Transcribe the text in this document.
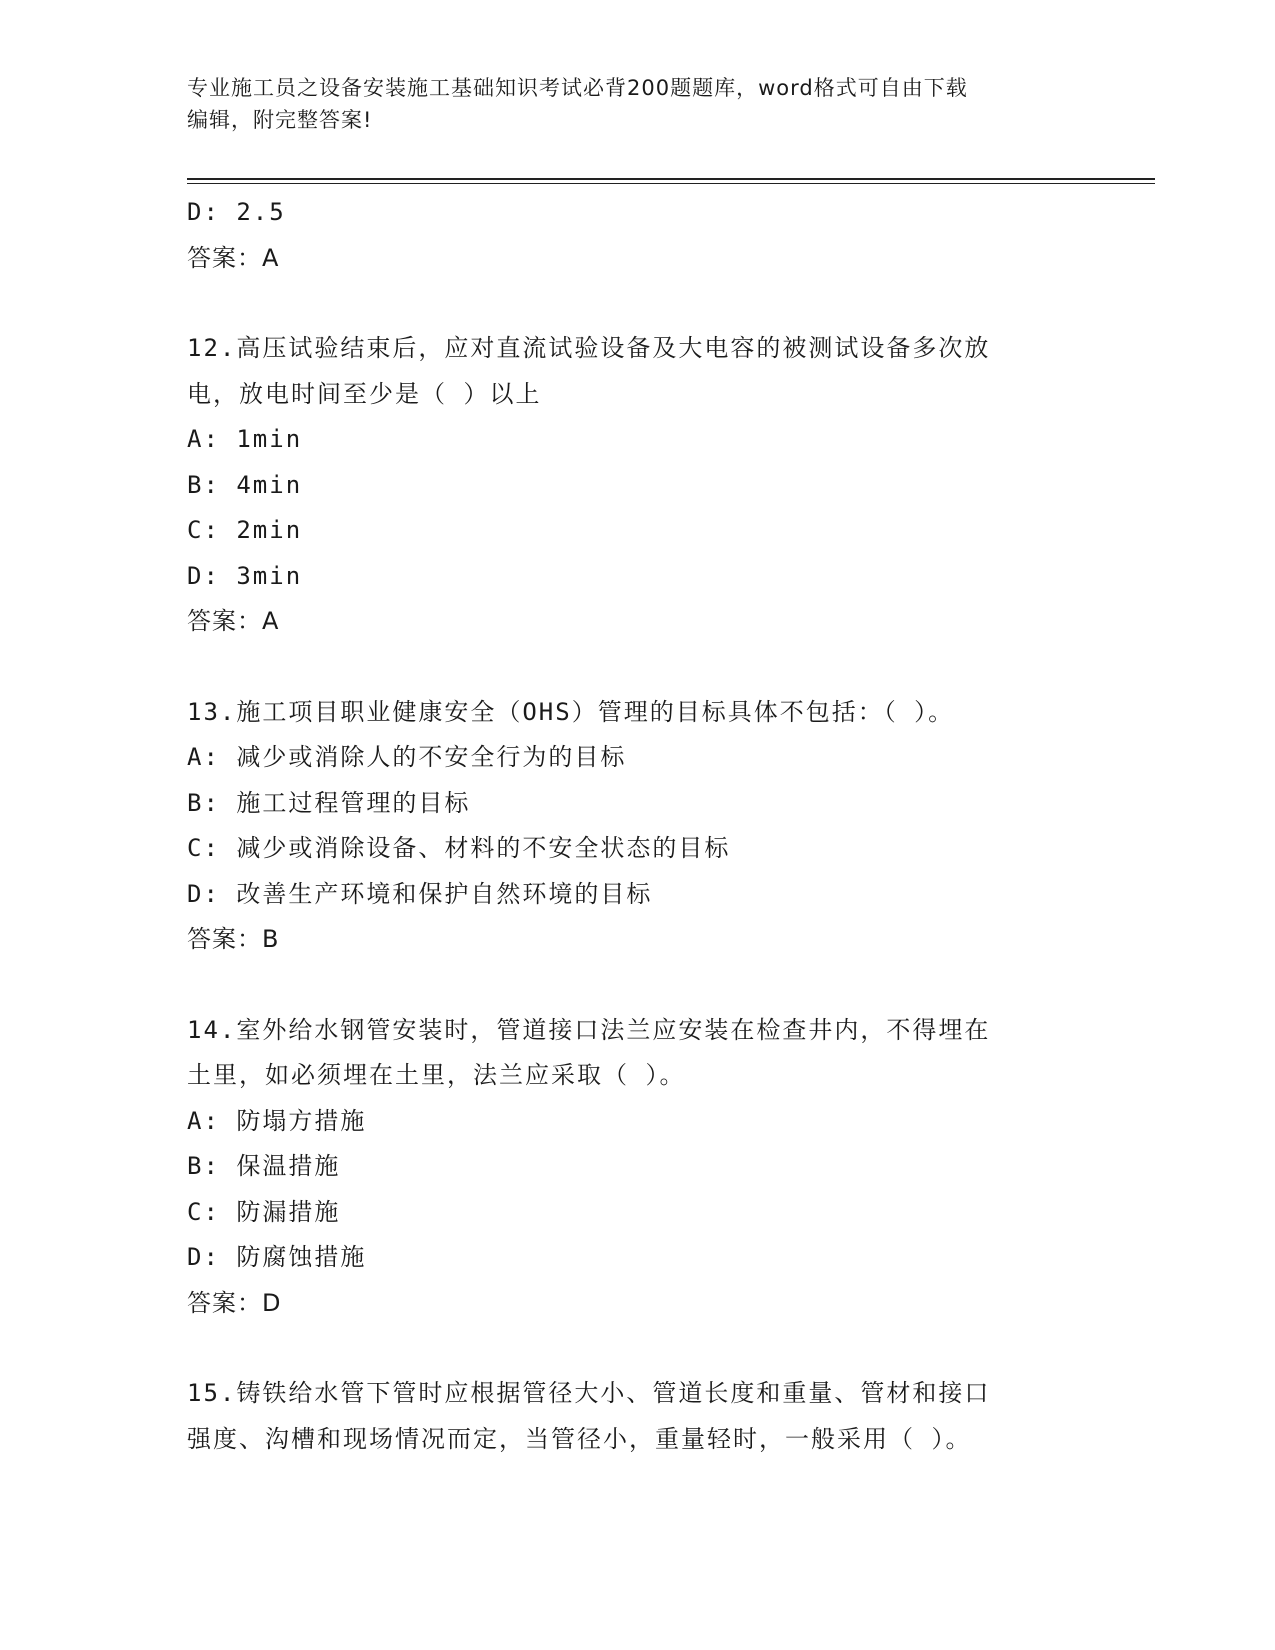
专业施工员之设备安装施工基础知识考试必背200题题库，word格式可自由下载
编辑，附完整答案!
D: 2.5
答案：A
12.高压试验结束后，应对直流试验设备及大电容的被测试设备多次放
电，放电时间至少是（ ）以上
A: 1min
B: 4min
C: 2min
D: 3min
答案：A
13.施工项目职业健康安全（OHS）管理的目标具体不包括：（ ）。
A: 减少或消除人的不安全行为的目标
B: 施工过程管理的目标
C: 减少或消除设备、材料的不安全状态的目标
D: 改善生产环境和保护自然环境的目标
答案：B
14.室外给水钢管安装时，管道接口法兰应安装在检查井内，不得埋在
土里，如必须埋在土里，法兰应采取（ ）。
A: 防塌方措施
B: 保温措施
C: 防漏措施
D: 防腐蚀措施
答案：D
15.铸铁给水管下管时应根据管径大小、管道长度和重量、管材和接口
强度、沟槽和现场情况而定，当管径小，重量轻时，一般采用（ ）。
